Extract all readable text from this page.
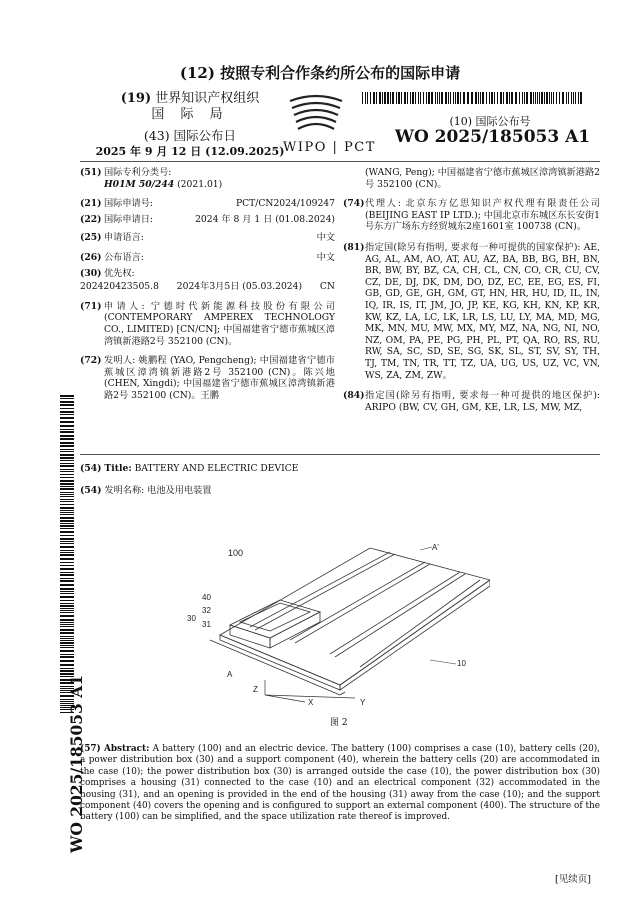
(12) 按照专利合作条约所公布的国际申请
(19) 世界知识产权组织
国 际 局
(43) 国际公布日
2025 年 9 月 12 日 (12.09.2025)
WIPO | PCT
(10) 国际公布号
WO 2025/185053 A1
WO 2025/185053 A1
(51) 国际专利分类号:
H01M 50/244 (2021.01)
(21) 国际申请号:	PCT/CN2024/109247
(22) 国际申请日:	2024 年 8 月 1 日 (01.08.2024)
(25) 申请语言:	中文
(26) 公布语言:	中文
(30) 优先权:
202420423505.8 2024年3月5日 (05.03.2024) CN
(71) 申请人: 宁德时代新能源科技股份有限公司 (CONTEMPORARY AMPEREX TECHNOLOGY CO., LIMITED) [CN/CN]; 中国福建省宁德市蕉城区漳湾镇新港路2号 352100 (CN)。
(72) 发明人: 姚鹏程 (YAO, Pengcheng); 中国福建省宁德市蕉城区漳湾镇新港路2号 352100 (CN)。陈兴地 (CHEN, Xingdi); 中国福建省宁德市蕉城区漳湾镇新港路2号 352100 (CN)。王鹏
(WANG, Peng); 中国福建省宁德市蕉城区漳湾镇新港路2号 352100 (CN)。
(74) 代理人: 北京东方亿思知识产权代理有限责任公司 (BEIJING EAST IP LTD.); 中国北京市东城区东长安街1号东方广场东方经贸城东2座1601室 100738 (CN)。
(81) 指定国(除另有指明, 要求每一种可提供的国家保护): AE, AG, AL, AM, AO, AT, AU, AZ, BA, BB, BG, BH, BN, BR, BW, BY, BZ, CA, CH, CL, CN, CO, CR, CU, CV, CZ, DE, DJ, DK, DM, DO, DZ, EC, EE, EG, ES, FI, GB, GD, GE, GH, GM, GT, HN, HR, HU, ID, IL, IN, IQ, IR, IS, IT, JM, JO, JP, KE, KG, KH, KN, KP, KR, KW, KZ, LA, LC, LK, LR, LS, LU, LY, MA, MD, MG, MK, MN, MU, MW, MX, MY, MZ, NA, NG, NI, NO, NZ, OM, PA, PE, PG, PH, PL, PT, QA, RO, RS, RU, RW, SA, SC, SD, SE, SG, SK, SL, ST, SV, SY, TH, TJ, TM, TN, TR, TT, TZ, UA, UG, US, UZ, VC, VN, WS, ZA, ZM, ZW。
(84) 指定国(除另有指明, 要求每一种可提供的地区保护): ARIPO (BW, CV, GH, GM, KE, LR, LS, MW, MZ,
(54) Title: BATTERY AND ELECTRIC DEVICE
(54) 发明名称: 电池及用电装置
100
A'
40
32
30
31
10
A
Z
X	Y
图 2
(57) Abstract: A battery (100) and an electric device. The battery (100) comprises a case (10), battery cells (20), a power distribution box (30) and a support component (40), wherein the battery cells (20) are accommodated in the case (10); the power distribution box (30) is arranged outside the case (10), the power distribution box (30) comprises a housing (31) connected to the case (10) and an electrical component (32) accommodated in the housing (31), and an opening is provided in the end of the housing (31) away from the case (10); and the support component (40) covers the opening and is configured to support an external component (400). The structure of the battery (100) can be simplified, and the space utilization rate thereof is improved.
[见续页]
